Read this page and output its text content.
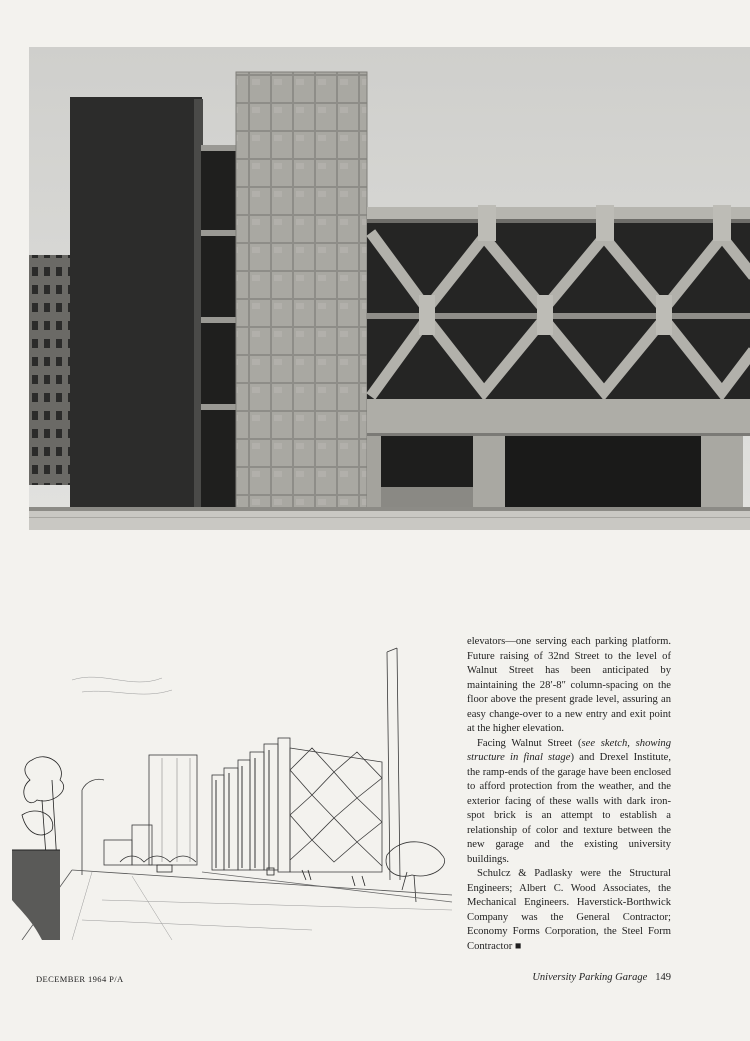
elevators—one serving each parking platform. Future raising of 32nd Street to the level of Walnut Street has been anticipated by maintaining the 28′-8″ column-spacing on the floor above the present grade level, assuring an easy change-over to a new entry and exit point at the higher elevation.

Facing Walnut Street (see sketch, showing structure in final stage) and Drexel Institute, the ramp-ends of the garage have been enclosed to afford protection from the weather, and the exterior facing of these walls with dark iron-spot brick is an attempt to establish a relationship of color and texture between the new garage and the existing university buildings.

Schulcz & Padlasky were the Structural Engineers; Albert C. Wood Associates, the Mechanical Engineers. Haverstick-Borthwick Company was the General Contractor; Economy Forms Corporation, the Steel Form Contractor ■

DECEMBER 1964 P/A	University Parking Garage 149
